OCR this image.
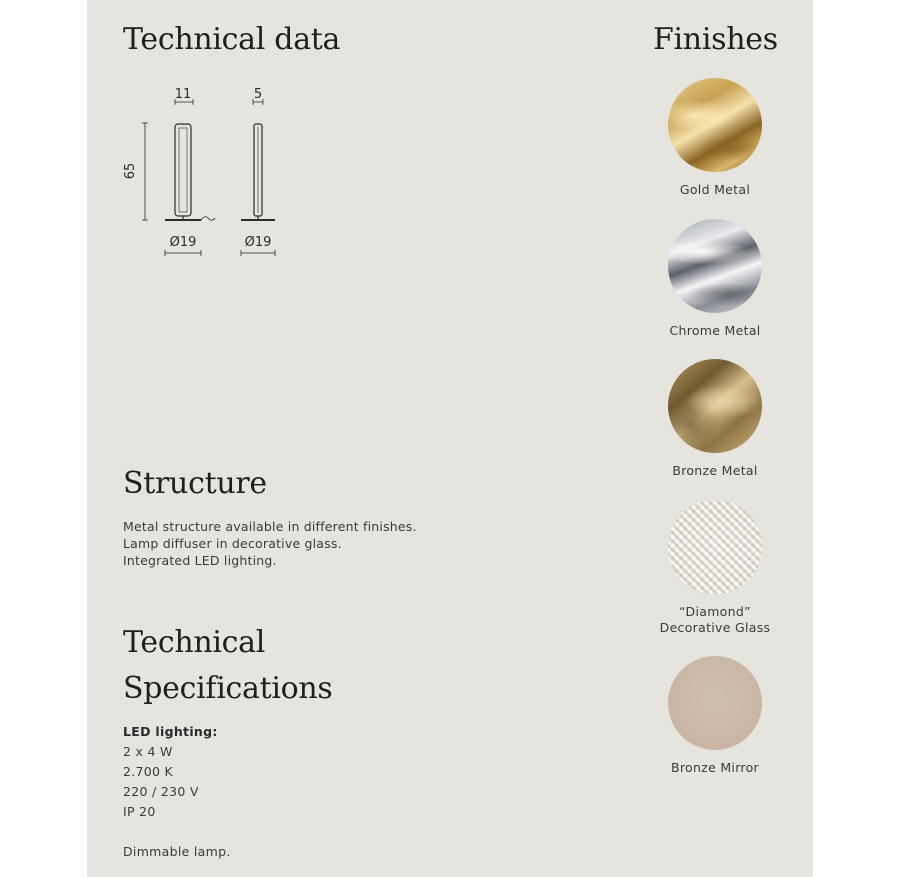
Technical data
11	5
65
Ø19	Ø19
Finishes
Gold Metal
Chrome Metal
Bronze Metal
“Diamond”
Decorative Glass
Bronze Mirror
Structure
Metal structure available in different finishes.
Lamp diffuser in decorative glass.
Integrated LED lighting.
Technical
Specifications
LED lighting:
2 x 4 W
2.700 K
220 / 230 V
IP 20
Dimmable lamp.
